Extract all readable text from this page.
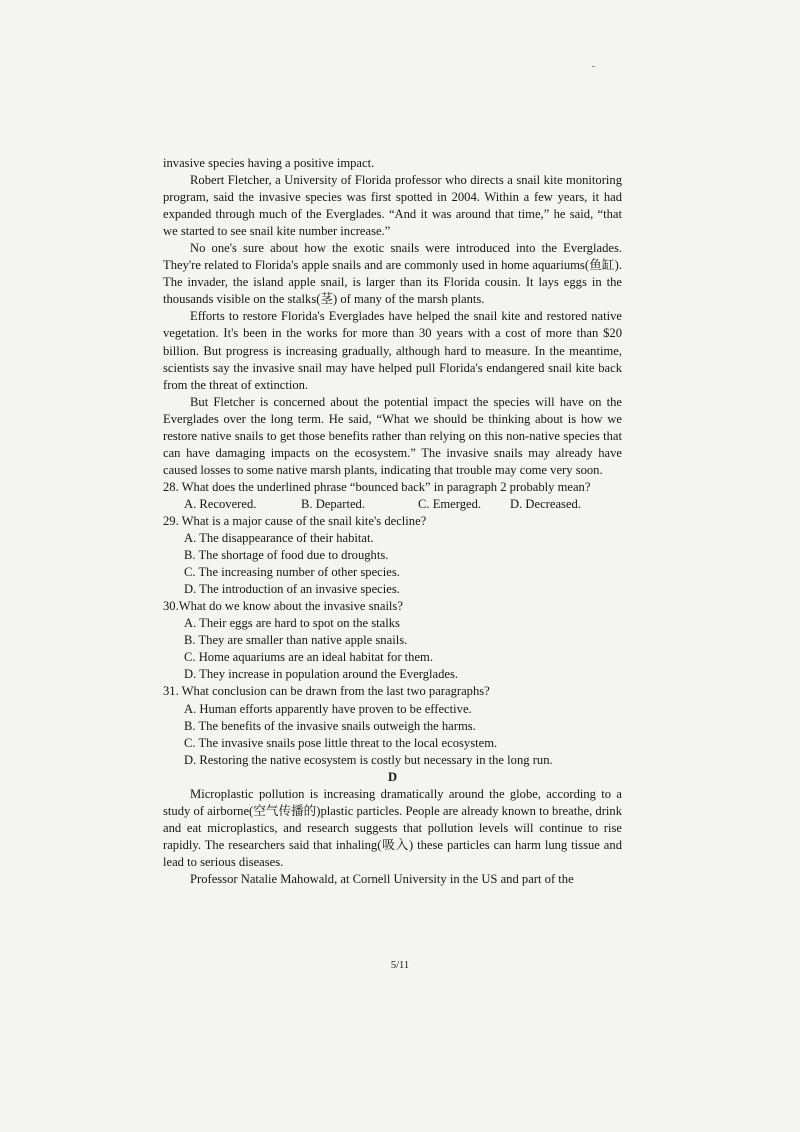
invasive species having a positive impact.

Robert Fletcher, a University of Florida professor who directs a snail kite monitoring program, said the invasive species was first spotted in 2004. Within a few years, it had expanded through much of the Everglades. “And it was around that time,” he said, “that we started to see snail kite number increase.”

No one's sure about how the exotic snails were introduced into the Everglades. They're related to Florida's apple snails and are commonly used in home aquariums(鱼缸). The invader, the island apple snail, is larger than its Florida cousin. It lays eggs in the thousands visible on the stalks(茎) of many of the marsh plants.

Efforts to restore Florida's Everglades have helped the snail kite and restored native vegetation. It's been in the works for more than 30 years with a cost of more than $20 billion. But progress is increasing gradually, although hard to measure. In the meantime, scientists say the invasive snail may have helped pull Florida's endangered snail kite back from the threat of extinction.

But Fletcher is concerned about the potential impact the species will have on the Everglades over the long term. He said, “What we should be thinking about is how we restore native snails to get those benefits rather than relying on this non-native species that can have damaging impacts on the ecosystem.” The invasive snails may already have caused losses to some native marsh plants, indicating that trouble may come very soon.

28. What does the underlined phrase “bounced back” in paragraph 2 probably mean?

A. Recovered.	B. Departed.	C. Emerged.	D. Decreased.

29. What is a major cause of the snail kite's decline?

A. The disappearance of their habitat.

B. The shortage of food due to droughts.

C. The increasing number of other species.

D. The introduction of an invasive species.

30.What do we know about the invasive snails?

A. Their eggs are hard to spot on the stalks

B. They are smaller than native apple snails.

C. Home aquariums are an ideal habitat for them.

D. They increase in population around the Everglades.

31. What conclusion can be drawn from the last two paragraphs?

A. Human efforts apparently have proven to be effective.

B. The benefits of the invasive snails outweigh the harms.

C. The invasive snails pose little threat to the local ecosystem.

D. Restoring the native ecosystem is costly but necessary in the long run.

D

Microplastic pollution is increasing dramatically around the globe, according to a study of airborne(空气传播的)plastic particles. People are already known to breathe, drink and eat microplastics, and research suggests that pollution levels will continue to rise rapidly. The researchers said that inhaling(吸入) these particles can harm lung tissue and lead to serious diseases.

Professor Natalie Mahowald, at Cornell University in the US and part of the

5/11
